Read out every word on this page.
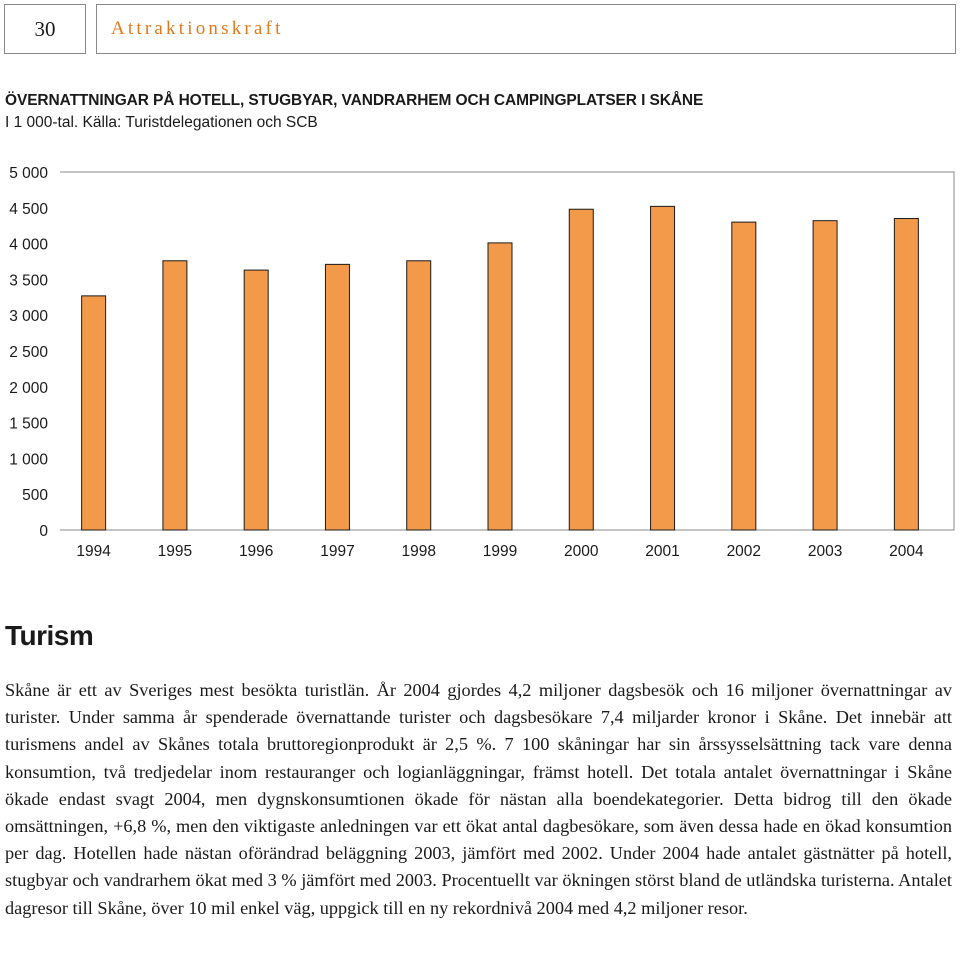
30	Attraktionskraft
ÖVERNATTNINGAR PÅ HOTELL, STUGBYAR, VANDRARHEM OCH CAMPINGPLATSER I SKÅNE
I 1 000-tal. Källa: Turistdelegationen och SCB
0
500
1 000
1 500
2 000
2 500
3 000
3 500
4 000
4 500
5 000
1994	1995	1996	1997	1998	1999	2000	2001	2002	2003	2004
Turism
Skåne är ett av Sveriges mest besökta turistlän. År 2004 gjordes 4,2 miljoner dagsbesök och 16 miljoner övernattningar av turister. Under samma år spenderade övernattande turister och dagsbesökare 7,4 miljarder kronor i Skåne. Det innebär att turismens andel av Skånes totala bruttoregionprodukt är 2,5 %. 7 100 skåningar har sin årssysselsättning tack vare denna konsumtion, två tredjedelar inom restauranger och logianläggningar, främst hotell. Det totala antalet övernattningar i Skåne ökade endast svagt 2004, men dygnskonsumtionen ökade för nästan alla boendekategorier. Detta bidrog till den ökade omsättningen, +6,8 %, men den viktigaste anledningen var ett ökat antal dagbesökare, som även dessa hade en ökad konsumtion per dag. Hotellen hade nästan oförändrad beläggning 2003, jämfört med 2002. Under 2004 hade antalet gästnätter på hotell, stugbyar och vandrarhem ökat med 3 % jämfört med 2003. Procentuellt var ökningen störst bland de utländska turisterna. Antalet dagresor till Skåne, över 10 mil enkel väg, uppgick till en ny rekordnivå 2004 med 4,2 miljoner resor.
